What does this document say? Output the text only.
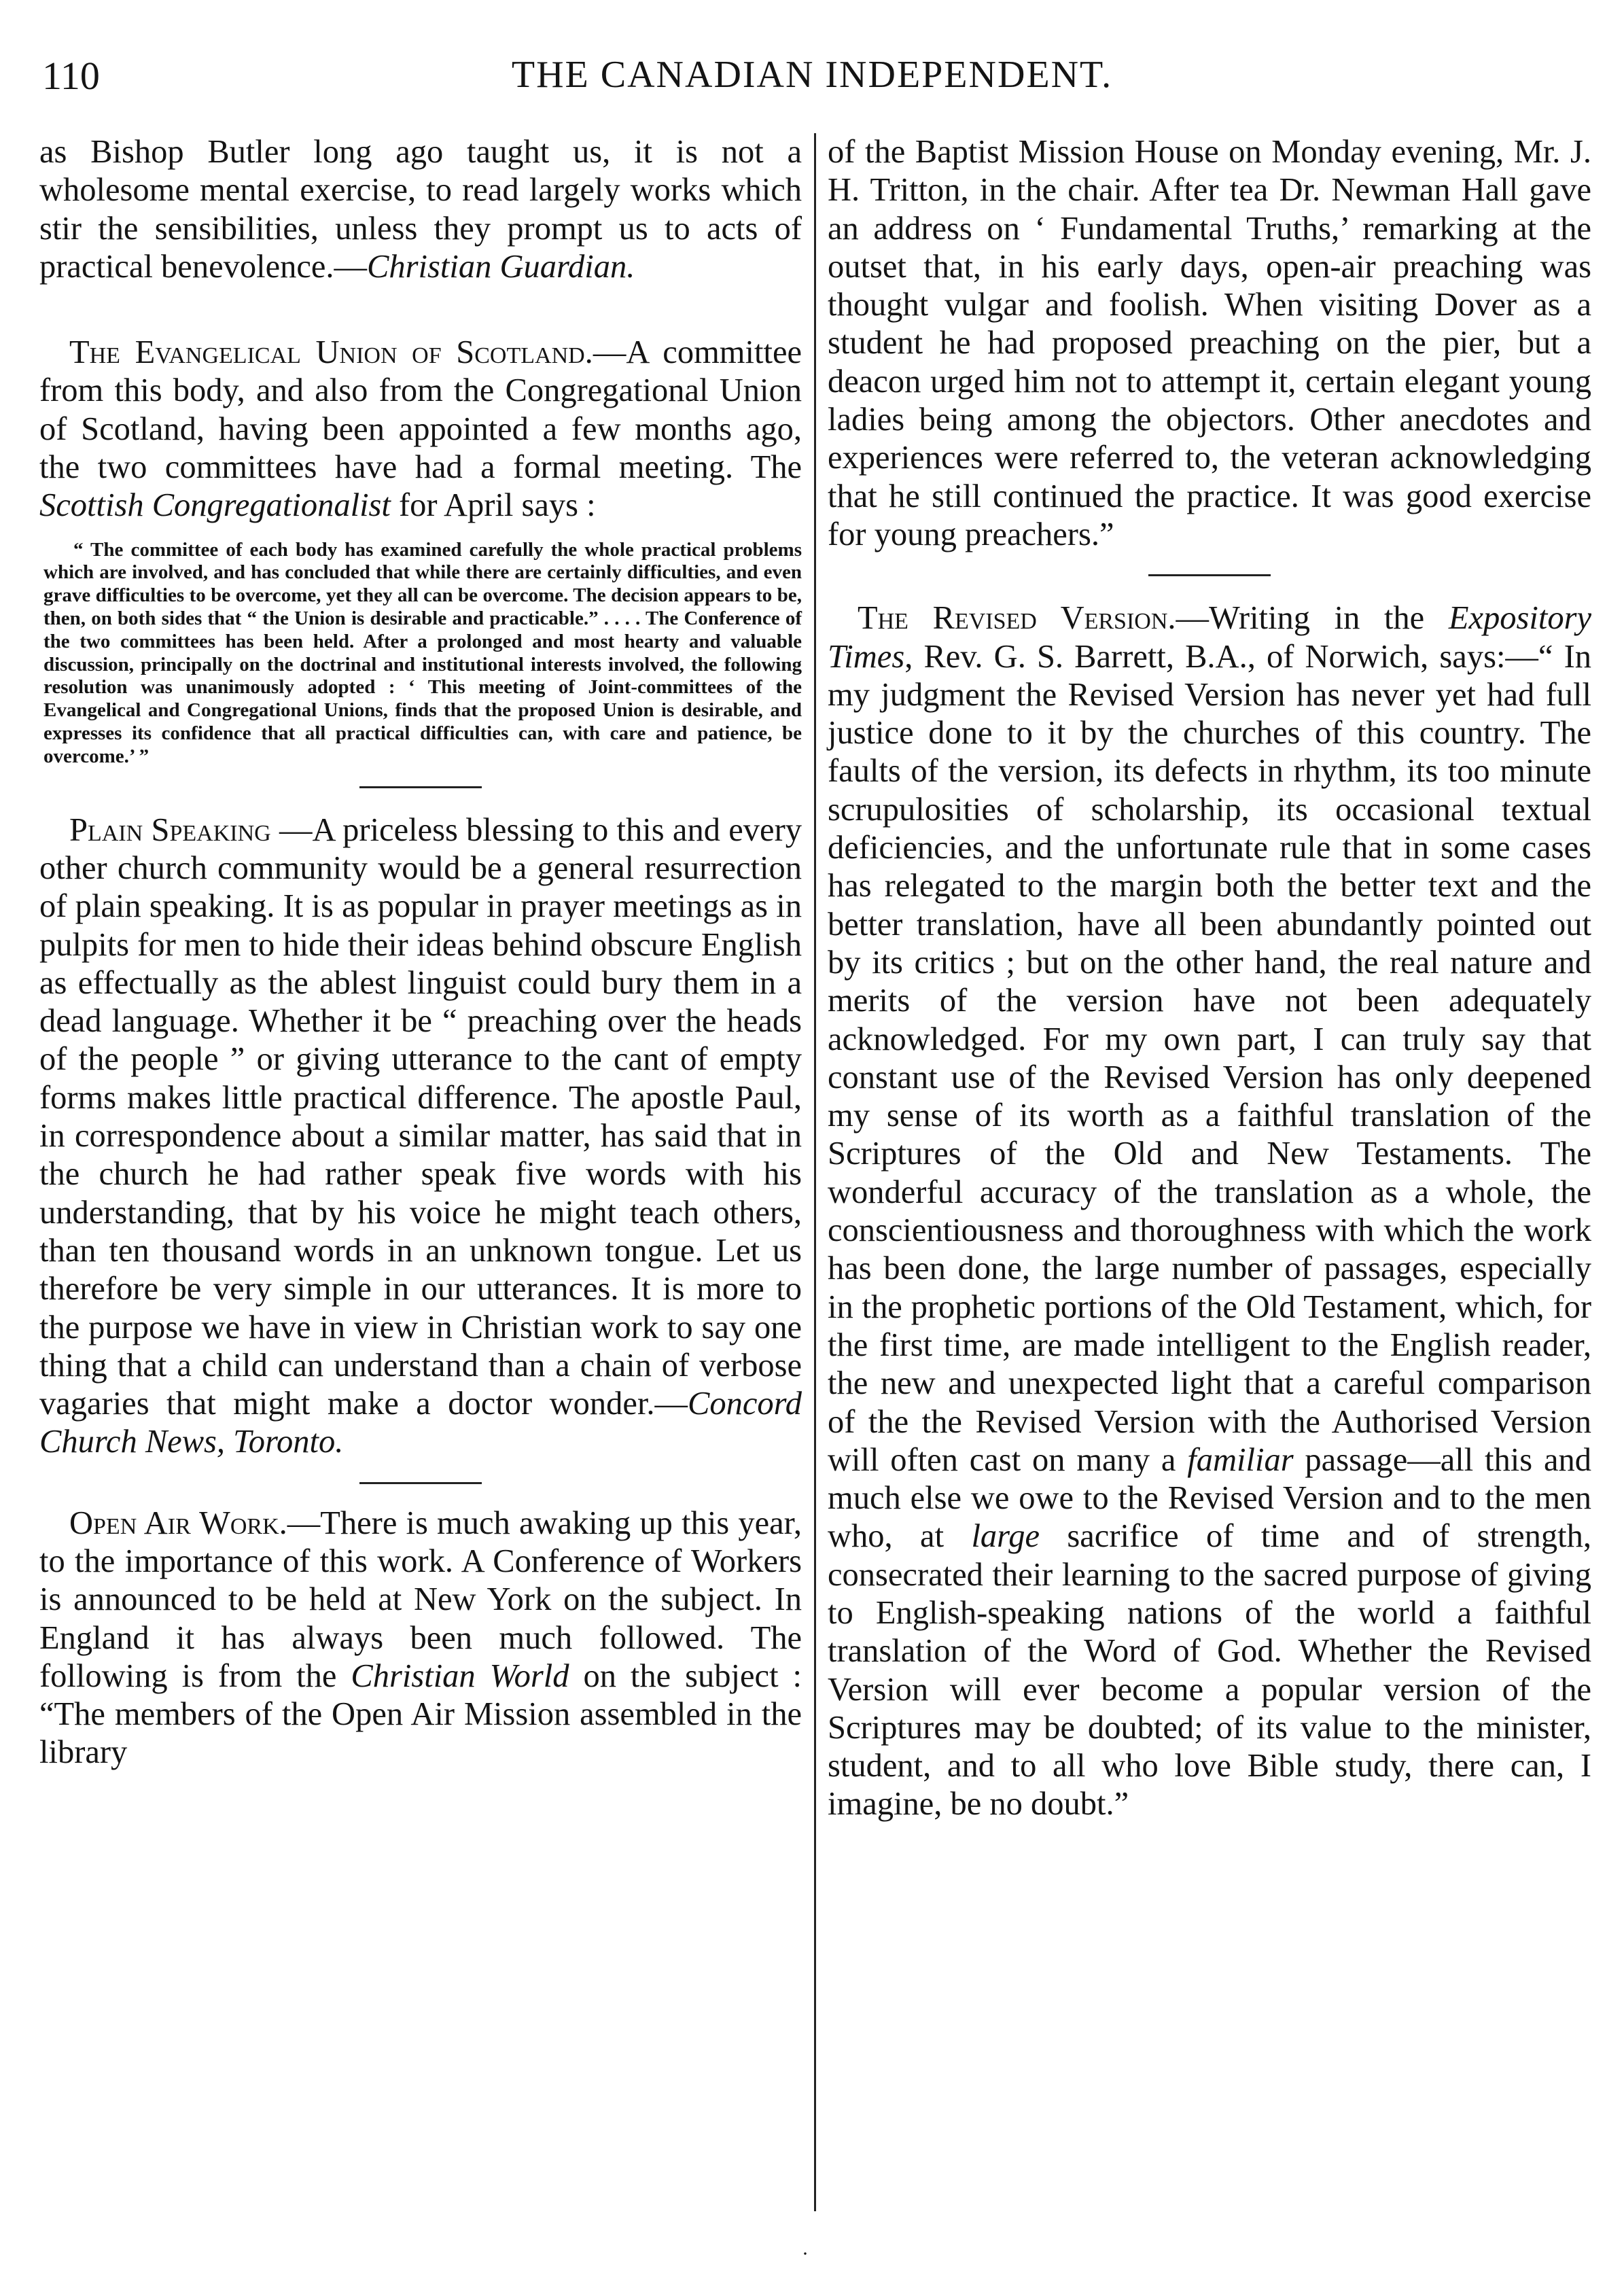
110	THE CANADIAN INDEPENDENT.

as Bishop Butler long ago taught us, it is not a wholesome mental exercise, to read largely works which stir the sensibilities, unless they prompt us to acts of practical benevolence.—Christian Guardian.

The Evangelical Union of Scotland.—A committee from this body, and also from the Congregational Union of Scotland, having been appointed a few months ago, the two committees have had a formal meeting. The Scottish Congregationalist for April says :

“ The committee of each body has examined carefully the whole practical problems which are involved, and has concluded that while there are certainly difficulties, and even grave difficulties to be overcome, yet they all can be overcome. The decision appears to be, then, on both sides that “ the Union is desirable and practicable.” . . . . The Conference of the two committees has been held. After a prolonged and most hearty and valuable discussion, principally on the doctrinal and institutional interests involved, the following resolution was unanimously adopted : ‘ This meeting of Joint-committees of the Evangelical and Congregational Unions, finds that the proposed Union is desirable, and expresses its confidence that all practical difficulties can, with care and patience, be overcome.’ ”

Plain Speaking —A priceless blessing to this and every other church community would be a general resurrection of plain speaking. It is as popular in prayer meetings as in pulpits for men to hide their ideas behind obscure English as effectually as the ablest linguist could bury them in a dead language. Whether it be “ preaching over the heads of the people ” or giving utterance to the cant of empty forms makes little practical difference. The apostle Paul, in correspondence about a similar matter, has said that in the church he had rather speak five words with his understanding, that by his voice he might teach others, than ten thousand words in an unknown tongue. Let us therefore be very simple in our utterances. It is more to the purpose we have in view in Christian work to say one thing that a child can understand than a chain of verbose vagaries that might make a doctor wonder.—Concord Church News, Toronto.

Open Air Work.—There is much awaking up this year, to the importance of this work. A Conference of Workers is announced to be held at New York on the subject. In England it has always been much followed. The following is from the Christian World on the subject : “The members of the Open Air Mission assembled in the library

of the Baptist Mission House on Monday evening, Mr. J. H. Tritton, in the chair. After tea Dr. Newman Hall gave an address on ‘ Fundamental Truths,’ remarking at the outset that, in his early days, open-air preaching was thought vulgar and foolish. When visiting Dover as a student he had proposed preaching on the pier, but a deacon urged him not to attempt it, certain elegant young ladies being among the objectors. Other anecdotes and experiences were referred to, the veteran acknowledging that he still continued the practice. It was good exercise for young preachers.”

The Revised Version.—Writing in the Expository Times, Rev. G. S. Barrett, B.A., of Norwich, says:—“ In my judgment the Revised Version has never yet had full justice done to it by the churches of this country. The faults of the version, its defects in rhythm, its too minute scrupulosities of scholarship, its occasional textual deficiencies, and the unfortunate rule that in some cases has relegated to the margin both the better text and the better translation, have all been abundantly pointed out by its critics ; but on the other hand, the real nature and merits of the version have not been adequately acknowledged. For my own part, I can truly say that constant use of the Revised Version has only deepened my sense of its worth as a faithful translation of the Scriptures of the Old and New Testaments. The wonderful accuracy of the translation as a whole, the conscientiousness and thoroughness with which the work has been done, the large number of passages, especially in the prophetic portions of the Old Testament, which, for the first time, are made intelligent to the English reader, the new and unexpected light that a careful comparison of the the Revised Version with the Authorised Version will often cast on many a familiar passage—all this and much else we owe to the Revised Version and to the men who, at large sacrifice of time and of strength, consecrated their learning to the sacred purpose of giving to English-speaking nations of the world a faithful translation of the Word of God. Whether the Revised Version will ever become a popular version of the Scriptures may be doubted; of its value to the minister, student, and to all who love Bible study, there can, I imagine, be no doubt.”

·
